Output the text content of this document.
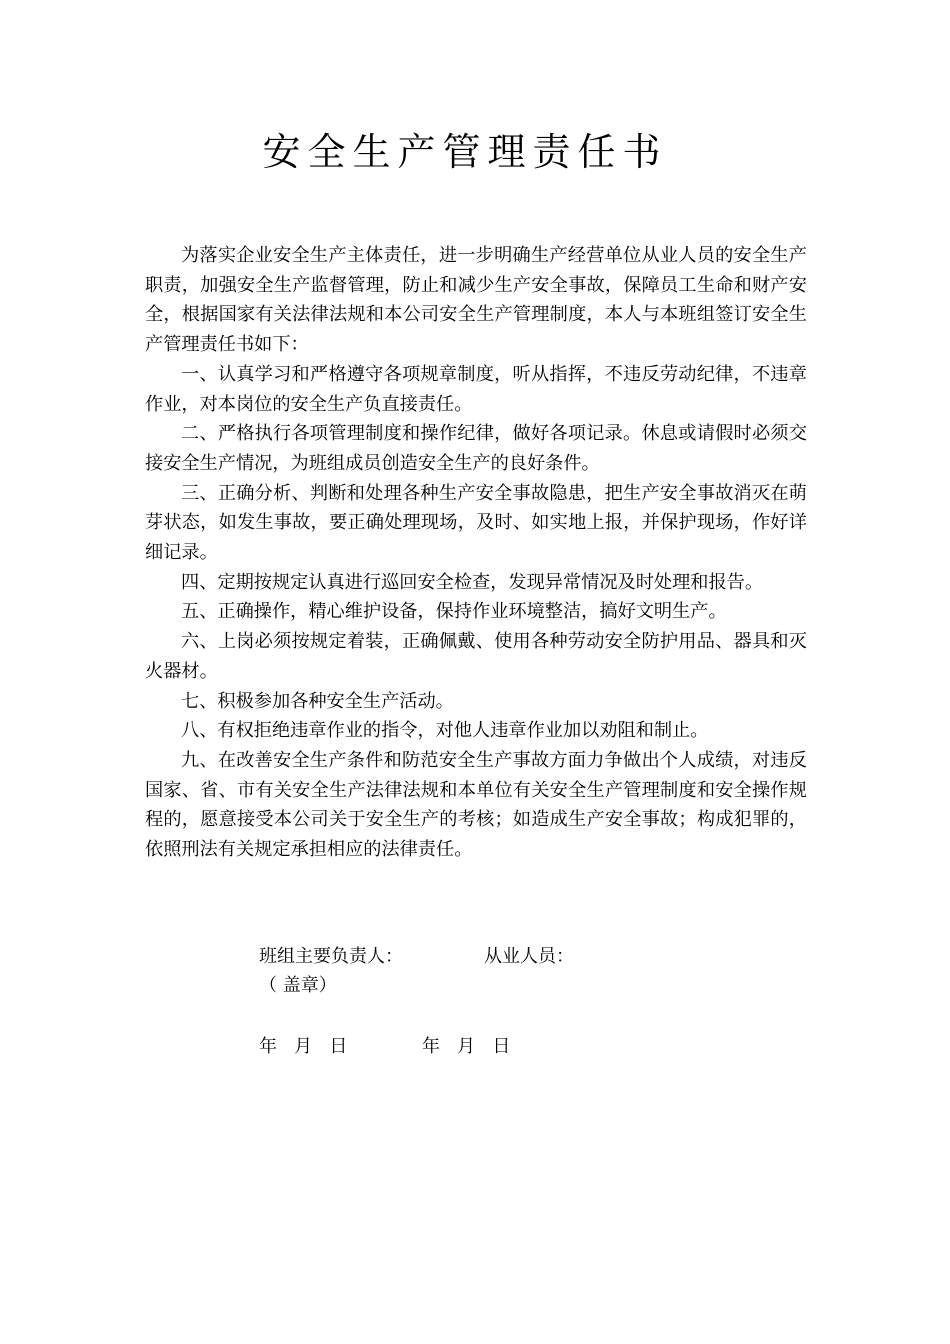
安全生产管理责任书

为落实企业安全生产主体责任，进一步明确生产经营单位从业人员的安全生产职责，加强安全生产监督管理，防止和减少生产安全事故，保障员工生命和财产安全，根据国家有关法律法规和本公司安全生产管理制度，本人与本班组签订安全生产管理责任书如下：

一、认真学习和严格遵守各项规章制度，听从指挥，不违反劳动纪律，不违章作业，对本岗位的安全生产负直接责任。

二、严格执行各项管理制度和操作纪律，做好各项记录。休息或请假时必须交接安全生产情况，为班组成员创造安全生产的良好条件。

三、正确分析、判断和处理各种生产安全事故隐患，把生产安全事故消灭在萌芽状态，如发生事故，要正确处理现场，及时、如实地上报，并保护现场，作好详细记录。

四、定期按规定认真进行巡回安全检查，发现异常情况及时处理和报告。

五、正确操作，精心维护设备，保持作业环境整洁，搞好文明生产。

六、上岗必须按规定着装，正确佩戴、使用各种劳动安全防护用品、器具和灭火器材。

七、积极参加各种安全生产活动。

八、有权拒绝违章作业的指令，对他人违章作业加以劝阻和制止。

九、在改善安全生产条件和防范安全生产事故方面力争做出个人成绩，对违反国家、省、市有关安全生产法律法规和本单位有关安全生产管理制度和安全操作规程的，愿意接受本公司关于安全生产的考核；如造成生产安全事故；构成犯罪的，依照刑法有关规定承担相应的法律责任。

班组主要负责人：	从业人员：
（ 盖章）
年   月   日	年   月   日
